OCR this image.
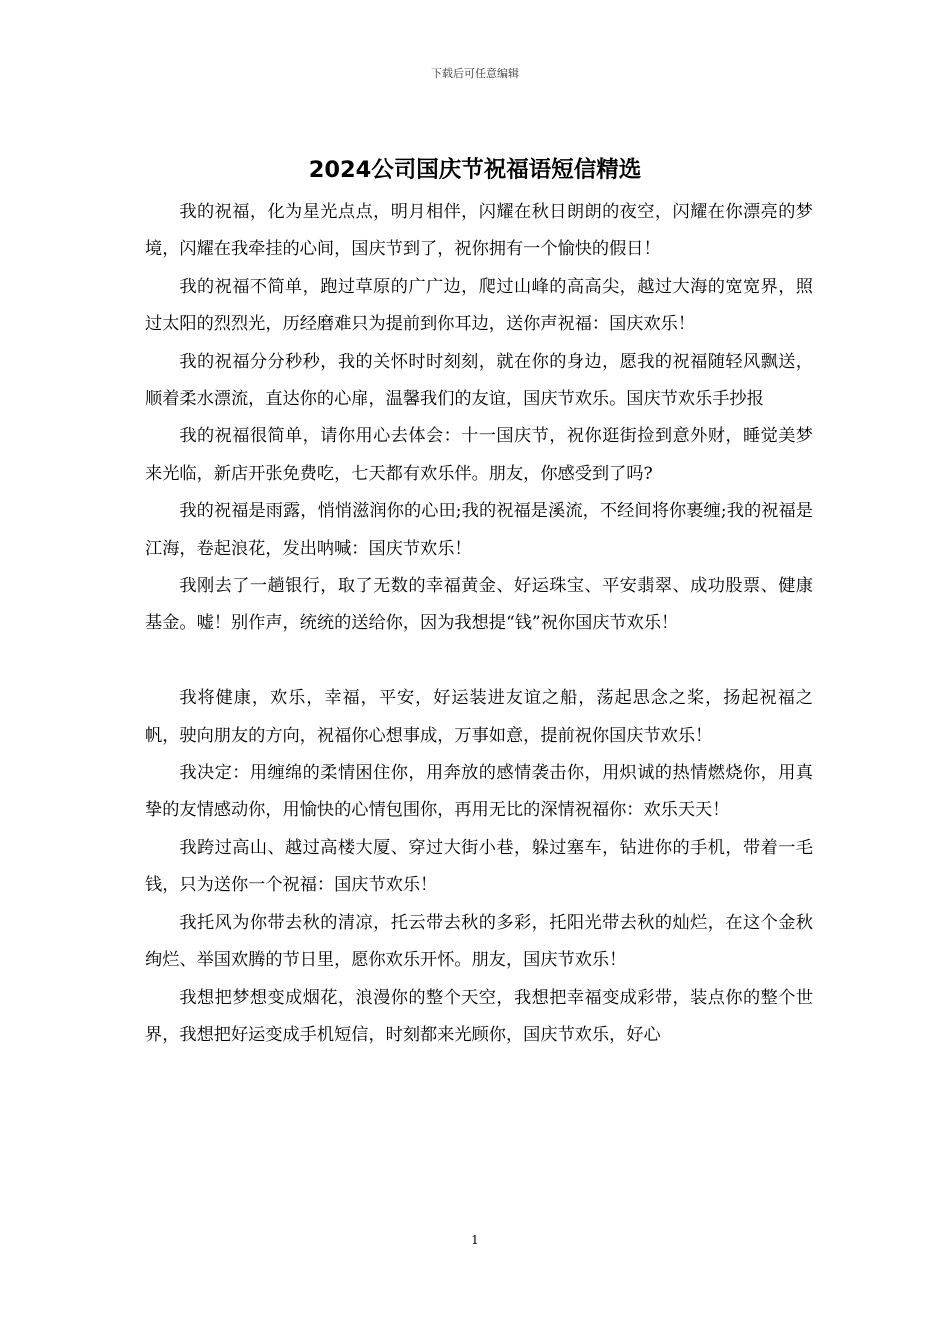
下载后可任意编辑
2024公司国庆节祝福语短信精选

我的祝福，化为星光点点，明月相伴，闪耀在秋日朗朗的夜空，闪耀在你漂亮的梦境，闪耀在我牵挂的心间，国庆节到了，祝你拥有一个愉快的假日！

我的祝福不简单，跑过草原的广广边，爬过山峰的高高尖，越过大海的宽宽界，照过太阳的烈烈光，历经磨难只为提前到你耳边，送你声祝福：国庆欢乐！

我的祝福分分秒秒，我的关怀时时刻刻，就在你的身边，愿我的祝福随轻风飘送，顺着柔水漂流，直达你的心扉，温馨我们的友谊，国庆节欢乐。国庆节欢乐手抄报

我的祝福很简单，请你用心去体会：十一国庆节，祝你逛街捡到意外财，睡觉美梦来光临，新店开张免费吃，七天都有欢乐伴。朋友，你感受到了吗?

我的祝福是雨露，悄悄滋润你的心田;我的祝福是溪流，不经间将你裹缠;我的祝福是江海，卷起浪花，发出呐喊：国庆节欢乐！

我刚去了一趟银行，取了无数的幸福黄金、好运珠宝、平安翡翠、成功股票、健康基金。嘘！别作声，统统的送给你，因为我想提“钱”祝你国庆节欢乐！

我将健康，欢乐，幸福，平安，好运装进友谊之船，荡起思念之桨，扬起祝福之帆，驶向朋友的方向，祝福你心想事成，万事如意，提前祝你国庆节欢乐！

我决定：用缠绵的柔情困住你，用奔放的感情袭击你，用炽诚的热情燃烧你，用真挚的友情感动你，用愉快的心情包围你，再用无比的深情祝福你：欢乐天天！

我跨过高山、越过高楼大厦、穿过大街小巷，躲过塞车，钻进你的手机，带着一毛钱，只为送你一个祝福：国庆节欢乐！

我托风为你带去秋的清凉，托云带去秋的多彩，托阳光带去秋的灿烂，在这个金秋绚烂、举国欢腾的节日里，愿你欢乐开怀。朋友，国庆节欢乐！

我想把梦想变成烟花，浪漫你的整个天空，我想把幸福变成彩带，装点你的整个世界，我想把好运变成手机短信，时刻都来光顾你，国庆节欢乐，好心

1
